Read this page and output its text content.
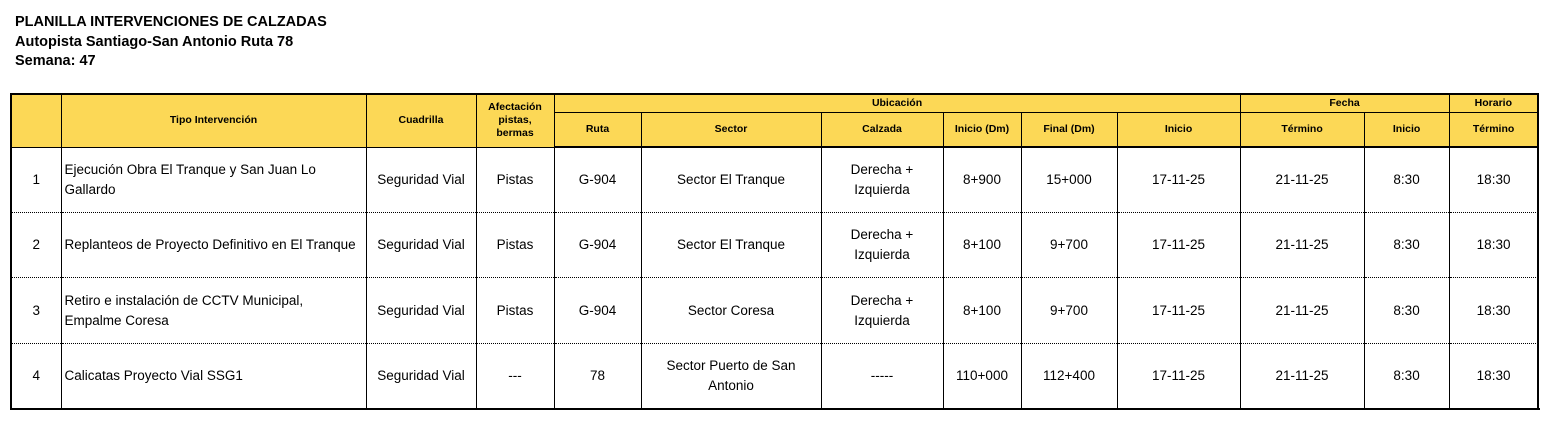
PLANILLA INTERVENCIONES DE CALZADAS
Autopista Santiago-San Antonio Ruta 78
Semana: 47
	Tipo Intervención	Cuadrilla	Afectación pistas, bermas	Ubicación						Fecha		Horario
				Ruta	Sector	Calzada	Inicio (Dm)	Final (Dm)	Inicio	Término	Inicio	Término
1	Ejecución Obra El Tranque y San Juan Lo Gallardo	Seguridad Vial	Pistas	G-904	Sector El Tranque	Derecha + Izquierda	8+900	15+000	17-11-25	21-11-25	8:30	18:30
2	Replanteos de Proyecto Definitivo en El Tranque	Seguridad Vial	Pistas	G-904	Sector El Tranque	Derecha + Izquierda	8+100	9+700	17-11-25	21-11-25	8:30	18:30
3	Retiro e instalación de CCTV Municipal, Empalme Coresa	Seguridad Vial	Pistas	G-904	Sector Coresa	Derecha + Izquierda	8+100	9+700	17-11-25	21-11-25	8:30	18:30
4	Calicatas Proyecto Vial SSG1	Seguridad Vial	---	78	Sector Puerto de San Antonio	-----	110+000	112+400	17-11-25	21-11-25	8:30	18:30
